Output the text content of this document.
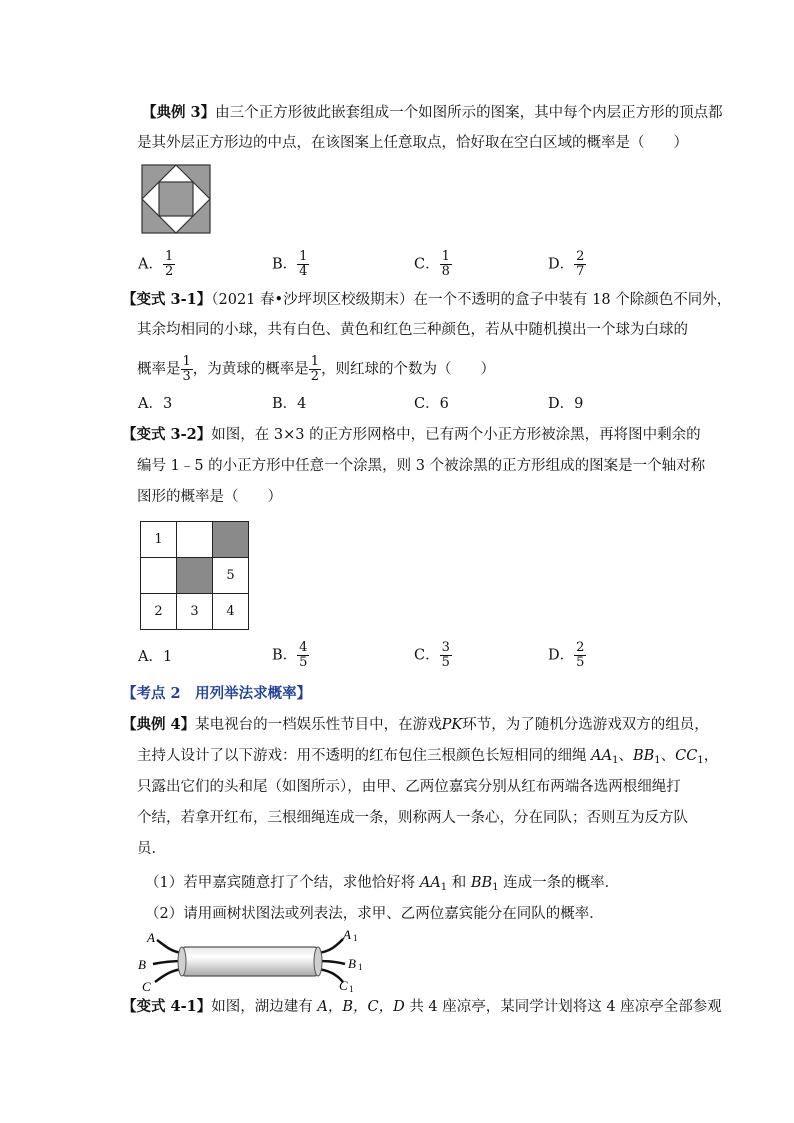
【典例 3】由三个正方形彼此嵌套组成一个如图所示的图案，其中每个内层正方形的顶点都
是其外层正方形边的中点，在该图案上任意取点，恰好取在空白区域的概率是（　　）
A． $\frac{1}{2}$	B． $\frac{1}{4}$	C． $\frac{1}{8}$	D． $\frac{2}{7}$
【变式 3-1】（2021 春•沙坪坝区校级期末）在一个不透明的盒子中装有 18 个除颜色不同外，
其余均相同的小球，共有白色、黄色和红色三种颜色，若从中随机摸出一个球为白球的
概率是 $\frac{1}{3}$ ，为黄球的概率是 $\frac{1}{2}$ ，则红球的个数为（　　）
A．3	B．4	C．6	D．9
【变式 3-2】如图，在 3×3 的正方形网格中，已有两个小正方形被涂黑，再将图中剩余的
编号 1﹣5 的小正方形中任意一个涂黑，则 3 个被涂黑的正方形组成的图案是一个轴对称
图形的概率是（　　）
1		
		5
2	3	4
A．1	B． $\frac{4}{5}$	C． $\frac{3}{5}$	D． $\frac{2}{5}$
【考点 2　用列举法求概率】
【典例 4】某电视台的一档娱乐性节目中，在游戏PK环节，为了随机分选游戏双方的组员，
主持人设计了以下游戏：用不透明的红布包住三根颜色长短相同的细绳 $AA_1$、$BB_1$、$CC_1$，
只露出它们的头和尾（如图所示），由甲、乙两位嘉宾分别从红布两端各选两根细绳打
个结，若拿开红布，三根细绳连成一条，则称两人一条心，分在同队；否则互为反方队
员．
（1）若甲嘉宾随意打了个结，求他恰好将 $AA_1$ 和 $BB_1$ 连成一条的概率．
（2）请用画树状图法或列表法，求甲、乙两位嘉宾能分在同队的概率．
A
B
C
A 1
B 1
C 1
【变式 4-1】如图，湖边建有 A，B，C，D 共 4 座凉亭，某同学计划将这 4 座凉亭全部参观
